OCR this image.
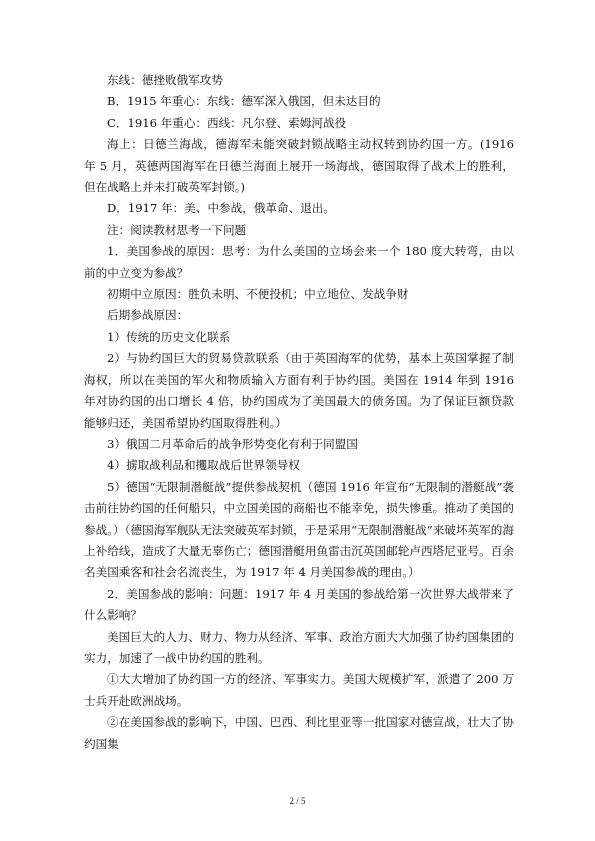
东线：德挫败俄军攻势

B．1915 年重心：东线：德军深入俄国，但未达目的

C．1916 年重心：西线：凡尔登、索姆河战役

海上：日德兰海战，德海军未能突破封锁战略主动权转到协约国一方。(1916 年 5 月，英德两国海军在日德兰海面上展开一场海战，德国取得了战术上的胜利，但在战略上并未打破英军封锁。)

D．1917 年：美、中参战，俄革命、退出。

注：阅读教材思考一下问题

1．美国参战的原因：思考：为什么美国的立场会来一个 180 度大转弯，由以前的中立变为参战？

初期中立原因：胜负未明、不便投机；中立地位、发战争财

后期参战原因：

1）传统的历史文化联系

2）与协约国巨大的贸易贷款联系（由于英国海军的优势，基本上英国掌握了制海权，所以在美国的军火和物质输入方面有利于协约国。美国在 1914 年到 1916 年对协约国的出口增长 4 倍，协约国成为了美国最大的债务国。为了保证巨额贷款能够归还，美国希望协约国取得胜利。）

3）俄国二月革命后的战争形势变化有利于同盟国

4）掳取战利品和攫取战后世界领导权

5）德国“无限制潜艇战”提供参战契机（德国 1916 年宣布“无限制的潜艇战”袭击前往协约国的任何船只，中立国美国的商船也不能幸免，损失惨重。推动了美国的参战。）（德国海军舰队无法突破英军封锁，于是采用“无限制潜艇战”来破坏英军的海上补给线，造成了大量无辜伤亡；德国潜艇用鱼雷击沉英国邮轮卢西塔尼亚号。百余名美国乘客和社会名流丧生，为 1917 年 4 月美国参战的理由。）

2．美国参战的影响：问题：1917 年 4 月美国的参战给第一次世界大战带来了什么影响？

美国巨大的人力、财力、物力从经济、军事、政治方面大大加强了协约国集团的实力，加速了一战中协约国的胜利。

①大大增加了协约国一方的经济、军事实力。美国大规模扩军，派遣了 200 万士兵开赴欧洲战场。

②在美国参战的影响下，中国、巴西、利比里亚等一批国家对德宣战，壮大了协约国集

2 / 5
